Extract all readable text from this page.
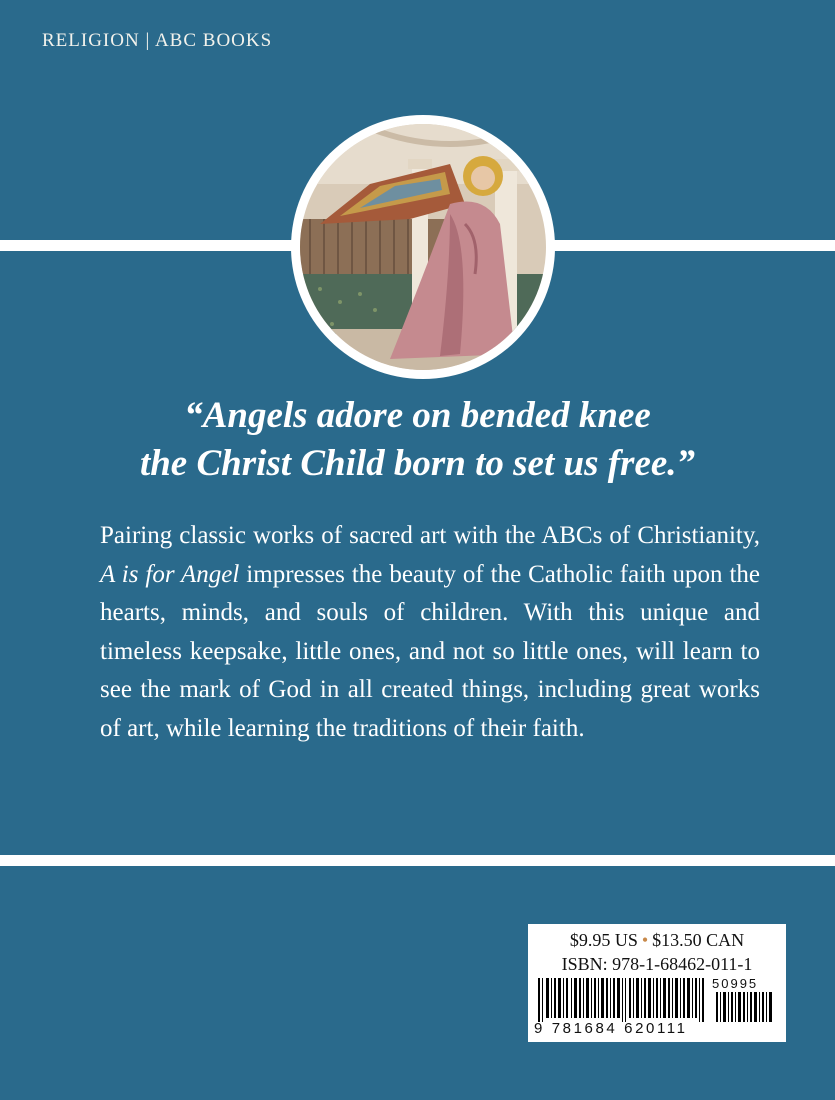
RELIGION | ABC BOOKS
“Angels adore on bended knee
the Christ Child born to set us free.”

Pairing classic works of sacred art with the ABCs of Christianity, A is for Angel impresses the beauty of the Catholic faith upon the hearts, minds, and souls of children. With this unique and timeless keepsake, little ones, and not so little ones, will learn to see the mark of God in all created things, including great works of art, while learning the traditions of their faith.

$9.95 US • $13.50 CAN
ISBN: 978-1-68462-011-1
50995
9 781684 620111
